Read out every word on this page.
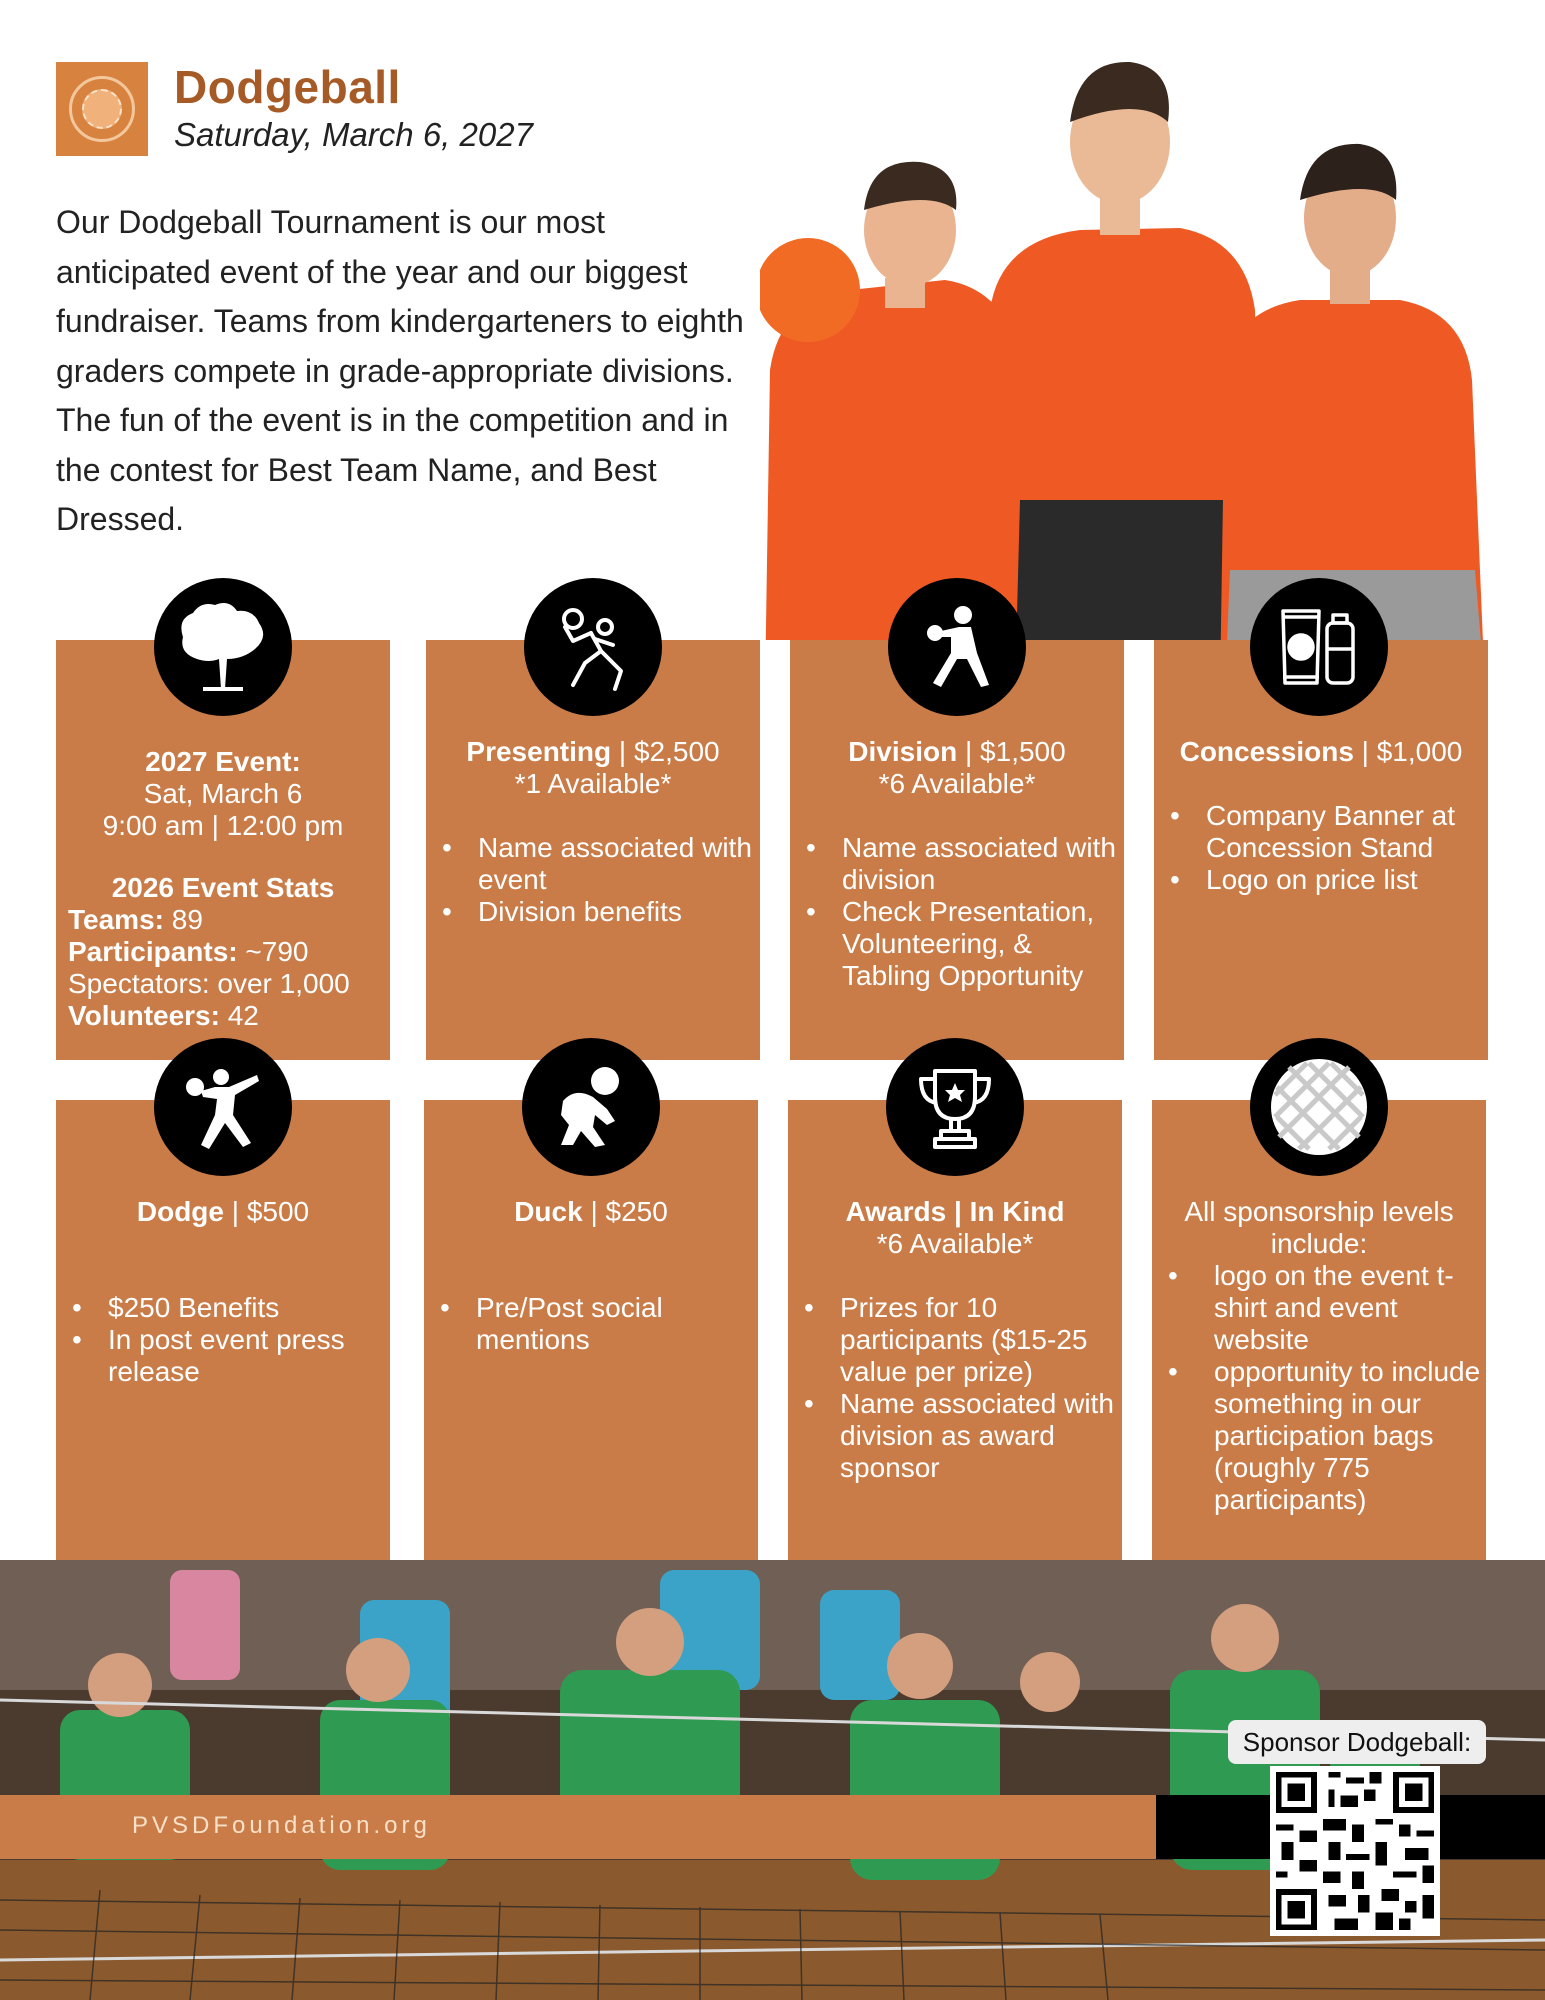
Dodgeball
Saturday, March 6, 2027
Our Dodgeball Tournament is our most anticipated event of the year and our biggest fundraiser. Teams from kindergarteners to eighth graders compete in grade-appropriate divisions. The fun of the event is in the competition and in the contest for Best Team Name, and Best Dressed.
2027 Event:
Sat, March 6
9:00 am | 12:00 pm
2026 Event Stats
Teams: 89
Participants: ~790
Spectators: over 1,000
Volunteers: 42
Presenting | $2,500
*1 Available*
• Name associated with event
• Division benefits
Division | $1,500
*6 Available*
• Name associated with division
• Check Presentation, Volunteering, & Tabling Opportunity
Concessions | $1,000
• Company Banner at Concession Stand
• Logo on price list
Dodge | $500
• $250 Benefits
• In post event press release
Duck | $250
• Pre/Post social mentions
Awards | In Kind
*6 Available*
• Prizes for 10 participants ($15-25 value per prize)
• Name associated with division as award sponsor
All sponsorship levels include:
• logo on the event t-shirt and event website
• opportunity to include something in our participation bags (roughly 775 participants)
PVSDFoundation.org
Sponsor Dodgeball:
